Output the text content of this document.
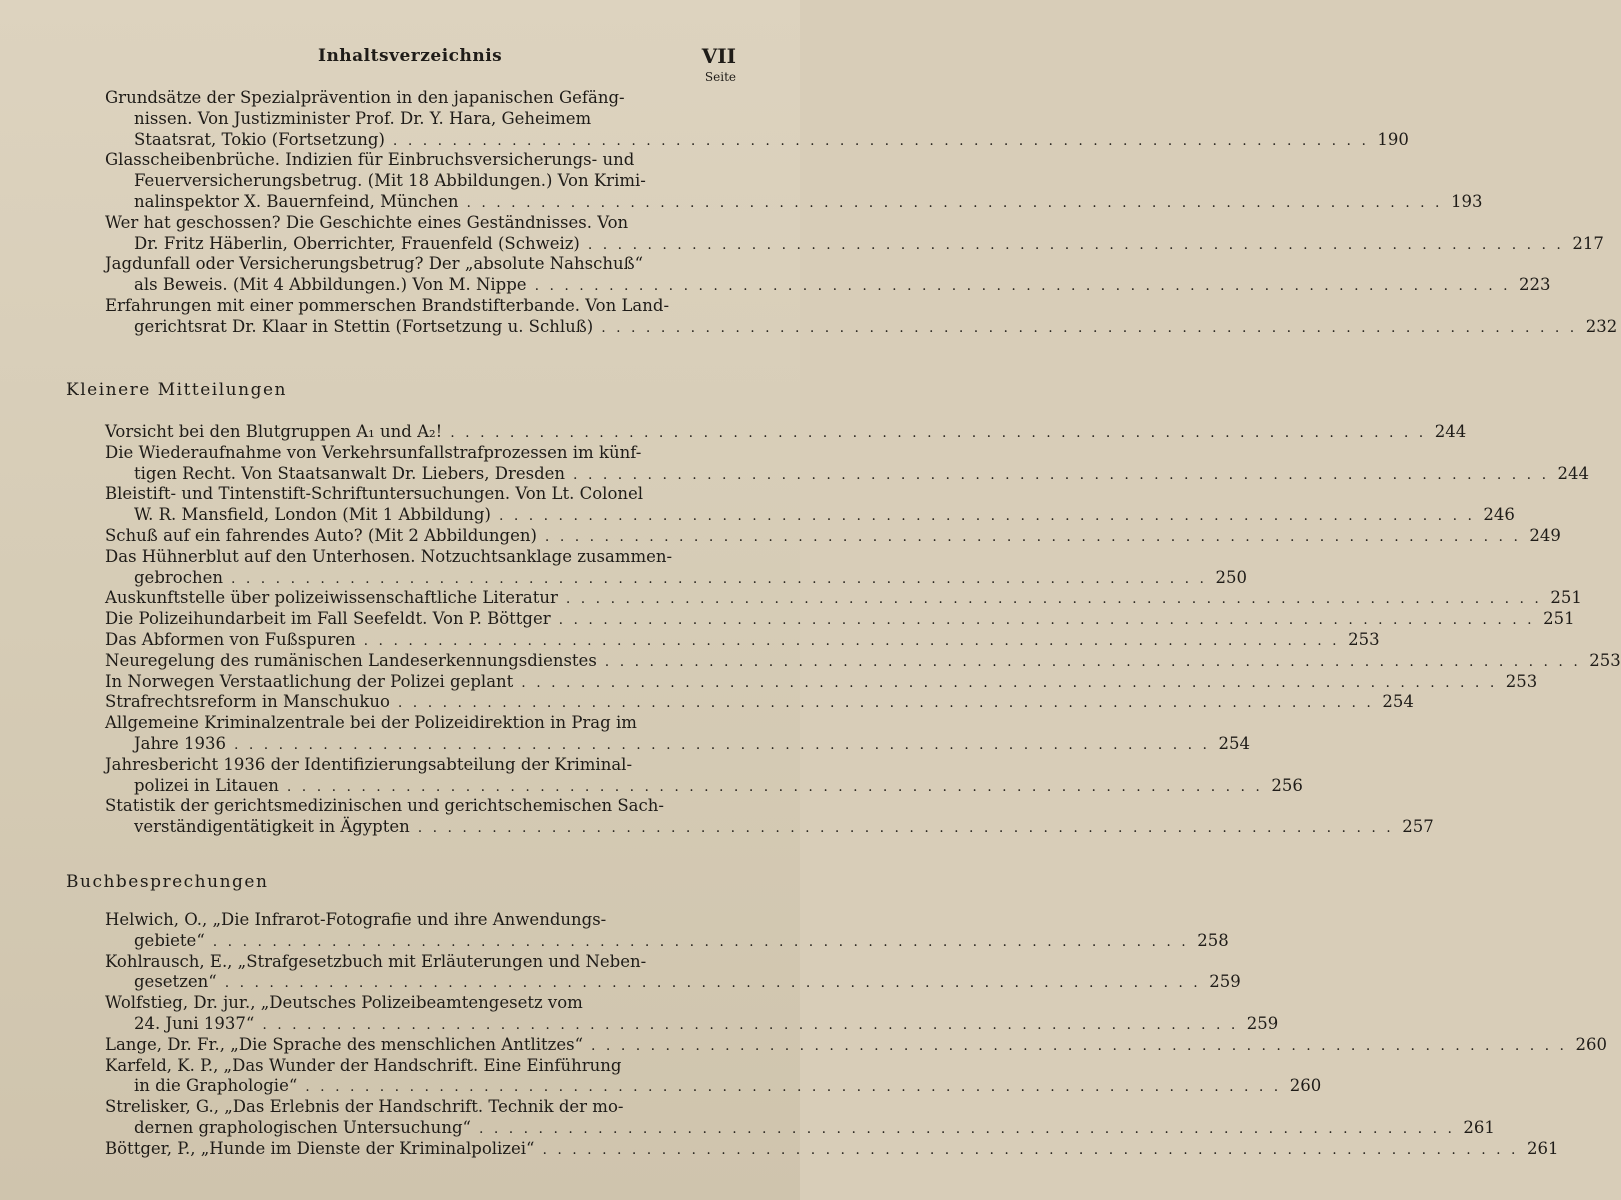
Inhaltsverzeichnis	VII
Seite
Grundsätze der Spezialprävention in den japanischen Gefäng-
nissen. Von Justizminister Prof. Dr. Y. Hara, Geheimem
Staatsrat, Tokio (Fortsetzung) . . .	190
Glasscheibenbrüche. Indizien für Einbruchsversicherungs- und
Feuerversicherungsbetrug. (Mit 18 Abbildungen.) Von Krimi-
nalinspektor X. Bauernfeind, München . . .	193
Wer hat geschossen? Die Geschichte eines Geständnisses. Von
Dr. Fritz Häberlin, Oberrichter, Frauenfeld (Schweiz) . . .	217
Jagdunfall oder Versicherungsbetrug? Der „absolute Nahschuß“
als Beweis. (Mit 4 Abbildungen.) Von M. Nippe . . .	223
Erfahrungen mit einer pommerschen Brandstifterbande. Von Land-
gerichtsrat Dr. Klaar in Stettin (Fortsetzung u. Schluß) . . .	232
Kleinere Mitteilungen
Vorsicht bei den Blutgruppen A₁ und A₂! . . .	244
Die Wiederaufnahme von Verkehrsunfallstrafprozessen im künf-
tigen Recht. Von Staatsanwalt Dr. Liebers, Dresden . . .	244
Bleistift- und Tintenstift-Schriftuntersuchungen. Von Lt. Colonel
W. R. Mansfield, London (Mit 1 Abbildung) . . .	246
Schuß auf ein fahrendes Auto? (Mit 2 Abbildungen) . . .	249
Das Hühnerblut auf den Unterhosen. Notzuchtsanklage zusammen-
gebrochen . . .	250
Auskunftstelle über polizeiwissenschaftliche Literatur . . .	251
Die Polizeihundarbeit im Fall Seefeldt. Von P. Böttger . . .	251
Das Abformen von Fußspuren . . .	253
Neuregelung des rumänischen Landeserkennungsdienstes . . .	253
In Norwegen Verstaatlichung der Polizei geplant . . .	253
Strafrechtsreform in Manschukuo . . .	254
Allgemeine Kriminalzentrale bei der Polizeidirektion in Prag im
Jahre 1936 . . .	254
Jahresbericht 1936 der Identifizierungsabteilung der Kriminal-
polizei in Litauen . . .	256
Statistik der gerichtsmedizinischen und gerichtschemischen Sach-
verständigentätigkeit in Ägypten . . .	257
Buchbesprechungen
Helwich, O., „Die Infrarot-Fotografie und ihre Anwendungs-
gebiete“ . . .	258
Kohlrausch, E., „Strafgesetzbuch mit Erläuterungen und Neben-
gesetzen“ . . .	259
Wolfstieg, Dr. jur., „Deutsches Polizeibeamtengesetz vom
24. Juni 1937“ . . .	259
Lange, Dr. Fr., „Die Sprache des menschlichen Antlitzes“ . . .	260
Karfeld, K. P., „Das Wunder der Handschrift. Eine Einführung
in die Graphologie“ . . .	260
Strelisker, G., „Das Erlebnis der Handschrift. Technik der mo-
dernen graphologischen Untersuchung“ . . .	261
Böttger, P., „Hunde im Dienste der Kriminalpolizei“ . . .	261
